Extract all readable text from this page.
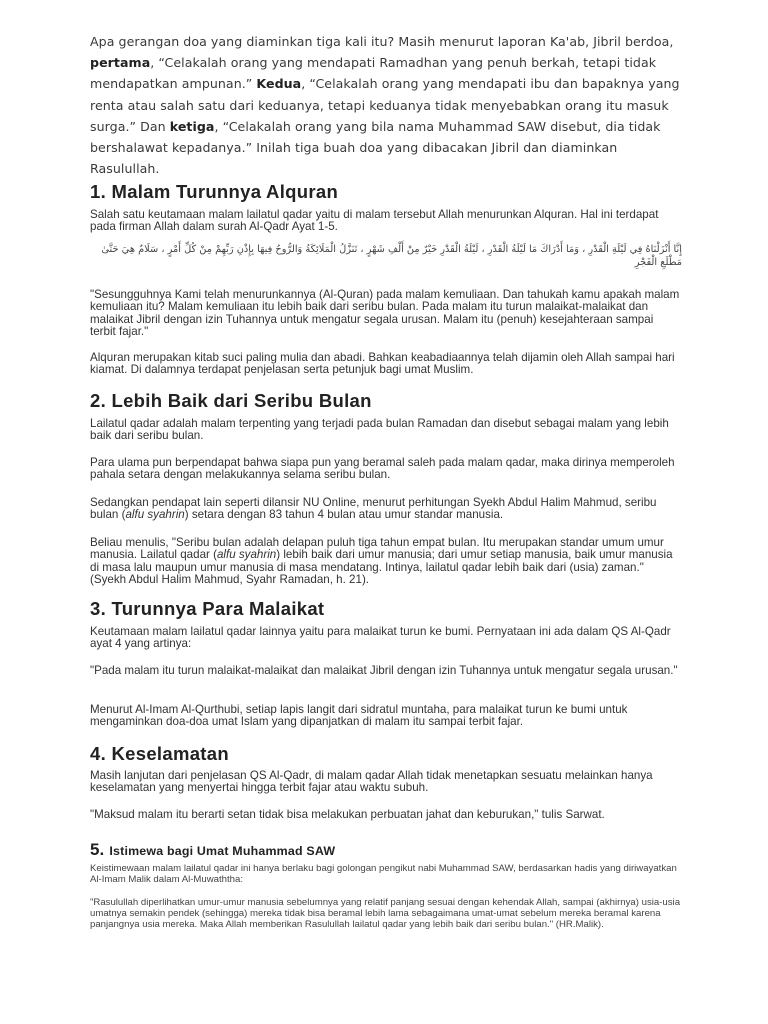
Apa gerangan doa yang diaminkan tiga kali itu? Masih menurut laporan Ka'ab, Jibril berdoa, pertama, “Celakalah orang yang mendapati Ramadhan yang penuh berkah, tetapi tidak mendapatkan ampunan.” Kedua, “Celakalah orang yang mendapati ibu dan bapaknya yang renta atau salah satu dari keduanya, tetapi keduanya tidak menyebabkan orang itu masuk surga.” Dan ketiga, “Celakalah orang yang bila nama Muhammad SAW disebut, dia tidak bershalawat kepadanya.” Inilah tiga buah doa yang dibacakan Jibril dan diaminkan Rasulullah.

1. Malam Turunnya Alquran

Salah satu keutamaan malam lailatul qadar yaitu di malam tersebut Allah menurunkan Alquran. Hal ini terdapat pada firman Allah dalam surah Al-Qadr Ayat 1-5.

إِنَّا أَنْزَلْنَاهُ فِي لَيْلَةِ الْقَدْرِ ، وَمَا أَدْرَاكَ مَا لَيْلَةُ الْقَدْرِ ، لَيْلَةُ الْقَدْرِ خَيْرٌ مِنْ أَلْفِ شَهْرٍ ، تَنَزَّلُ الْمَلَائِكَةُ وَالرُّوحُ فِيهَا بِإِذْنِ رَبِّهِمْ مِنْ كُلِّ أَمْرٍ ، سَلَامٌ هِيَ حَتَّىٰ مَطْلَعِ الْفَجْرِ

"Sesungguhnya Kami telah menurunkannya (Al-Quran) pada malam kemuliaan. Dan tahukah kamu apakah malam kemuliaan itu? Malam kemuliaan itu lebih baik dari seribu bulan. Pada malam itu turun malaikat-malaikat dan malaikat Jibril dengan izin Tuhannya untuk mengatur segala urusan. Malam itu (penuh) kesejahteraan sampai terbit fajar."

Alquran merupakan kitab suci paling mulia dan abadi. Bahkan keabadiaannya telah dijamin oleh Allah sampai hari kiamat. Di dalamnya terdapat penjelasan serta petunjuk bagi umat Muslim.

2. Lebih Baik dari Seribu Bulan

Lailatul qadar adalah malam terpenting yang terjadi pada bulan Ramadan dan disebut sebagai malam yang lebih baik dari seribu bulan.

Para ulama pun berpendapat bahwa siapa pun yang beramal saleh pada malam qadar, maka dirinya memperoleh pahala setara dengan melakukannya selama seribu bulan.

Sedangkan pendapat lain seperti dilansir NU Online, menurut perhitungan Syekh Abdul Halim Mahmud, seribu bulan (alfu syahrin) setara dengan 83 tahun 4 bulan atau umur standar manusia.

Beliau menulis, "Seribu bulan adalah delapan puluh tiga tahun empat bulan. Itu merupakan standar umum umur manusia. Lailatul qadar (alfu syahrin) lebih baik dari umur manusia; dari umur setiap manusia, baik umur manusia di masa lalu maupun umur manusia di masa mendatang. Intinya, lailatul qadar lebih baik dari (usia) zaman." (Syekh Abdul Halim Mahmud, Syahr Ramadan, h. 21).

3. Turunnya Para Malaikat

Keutamaan malam lailatul qadar lainnya yaitu para malaikat turun ke bumi. Pernyataan ini ada dalam QS Al-Qadr ayat 4 yang artinya:

"Pada malam itu turun malaikat-malaikat dan malaikat Jibril dengan izin Tuhannya untuk mengatur segala urusan."

Menurut Al-Imam Al-Qurthubi, setiap lapis langit dari sidratul muntaha, para malaikat turun ke bumi untuk mengaminkan doa-doa umat Islam yang dipanjatkan di malam itu sampai terbit fajar.

4. Keselamatan

Masih lanjutan dari penjelasan QS Al-Qadr, di malam qadar Allah tidak menetapkan sesuatu melainkan hanya keselamatan yang menyertai hingga terbit fajar atau waktu subuh.

"Maksud malam itu berarti setan tidak bisa melakukan perbuatan jahat dan keburukan," tulis Sarwat.

5. Istimewa bagi Umat Muhammad SAW

Keistimewaan malam lailatul qadar ini hanya berlaku bagi golongan pengikut nabi Muhammad SAW, berdasarkan hadis yang diriwayatkan Al-Imam Malik dalam Al-Muwaththa:

"Rasulullah diperlihatkan umur-umur manusia sebelumnya yang relatif panjang sesuai dengan kehendak Allah, sampai (akhirnya) usia-usia umatnya semakin pendek (sehingga) mereka tidak bisa beramal lebih lama sebagaimana umat-umat sebelum mereka beramal karena panjangnya usia mereka. Maka Allah memberikan Rasulullah lailatul qadar yang lebih baik dari seribu bulan." (HR.Malik).
